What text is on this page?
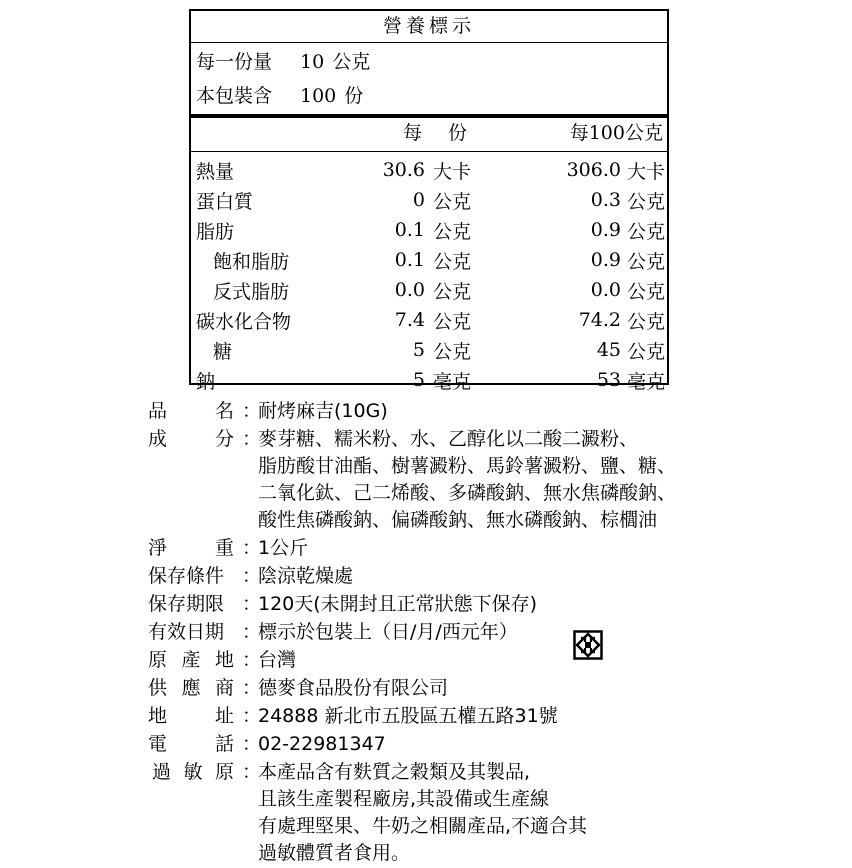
營養標示
每一份量 10 公克
本包裝含 100 份
每 份	每100公克
熱量	30.6 大卡	306.0 大卡
蛋白質	0 公克	0.3 公克
脂肪	0.1 公克	0.9 公克
飽和脂肪	0.1 公克	0.9 公克
反式脂肪	0.0 公克	0.0 公克
碳水化合物	7.4 公克	74.2 公克
糖	5 公克	45 公克
鈉	5 毫克	53 毫克
品	名 ：
耐烤麻吉(10G)
成	分 ：
麥芽糖、糯米粉、水、乙醇化以二酸二澱粉、
脂肪酸甘油酯、樹薯澱粉、馬鈴薯澱粉、鹽、糖、
二氧化鈦、己二烯酸、多磷酸鈉、無水焦磷酸鈉、
酸性焦磷酸鈉、偏磷酸鈉、無水磷酸鈉、棕櫚油
淨	重 ：
1公斤
保存條件 ：
陰涼乾燥處
保存期限 ：
120天(未開封且正常狀態下保存)
有效日期 ：
標示於包裝上（日/月/西元年）
原 產 地 ：
台灣
供 應 商 ：
德麥食品股份有限公司
地	址 ：
24888 新北市五股區五權五路31號
電	話 ：
02-22981347
過 敏 原 ：
本產品含有麩質之穀類及其製品,
且該生產製程廠房,其設備或生產線
有處理堅果、牛奶之相關產品,不適合其
過敏體質者食用。
